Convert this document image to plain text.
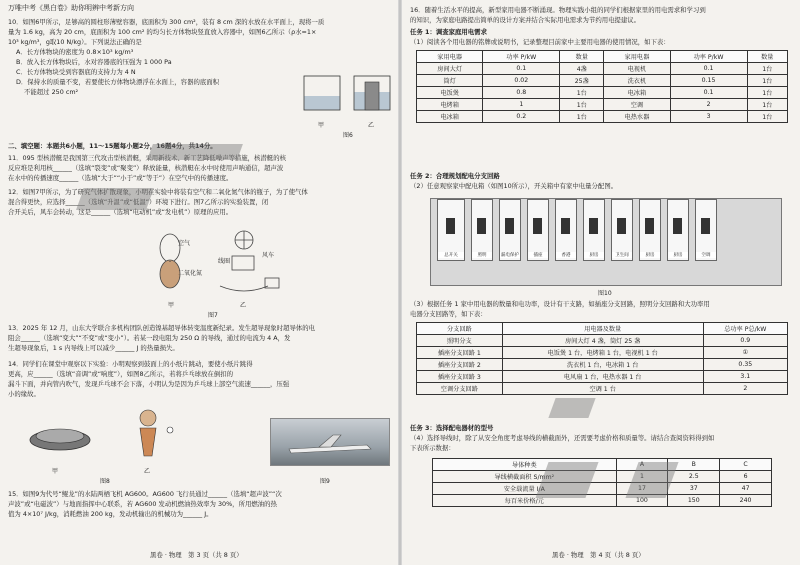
万唯中考《黑白卷》助你明辨中考新方向
10．如图6甲所示，足够高的圆柱形薄壁容器，底面积为 300 cm²，装有 8 cm 深的水放在水平面上，现将一质
量为 1.6 kg，高为 20 cm，底面积为 100 cm² 的均匀长方体物块竖直放入容器中，如图6乙所示（ρ水=1×
10³ kg/m³，g取10 N/kg）。下列说法正确的是
A．长方体物块的密度为 0.8×10³ kg/m³
B．放入长方体物块后，水对容器底的压强为 1 000 Pa
C．长方体物块受到容器底的支持力为 4 N
D．保持水的质量不变，若要使长方体物块漂浮在水面上，容器的底面积
不能超过 250 cm²
甲	乙
图6
二、填空题：本题共6小题，11～15题每小题2分，16题4分，共14分。
11．095 型核潜艇是我国第三代攻击型核潜艇，采用新技术、新工艺降低噪声等措施，核潜艇的核
反应堆是利用核______（选填“裂变”或“聚变”）释放能量，核潜艇在水中时使用声呐通信，超声波
在水中的传播速度______（选填“大于”“小于”或“等于”）在空气中的传播速度。
12．如图7甲所示，为了研究气体扩散现象，小明在实验中将装有空气和二氧化氮气体的瓶子，为了使气体
混合得更快，应选择______（选填“升温”或“低温”）环境下进行。图7乙所示的实验装置，闭
合开关后，风车会转动，这是______（选填“电动机”或“发电机”）原理的应用。
空气
二氧化氮
线圈
风车
甲	乙
图7
13．2025 年 12 月，山东大学联合多机构团队创造镍基超导体转变温度新纪录。发生超导现象时超导体的电
阻会______（选填“变大”“不变”或“变小”）。若某一段电阻为 250 Ω 的导线，通过的电流为 4 A，发
生超导现象后，1 s 内导线上可以减少______ J 的热量损失。
14．同学们在课堂中观察以下实验：小明观察到鼓面上的小纸片跳动，要使小纸片跳得
更高，应______（选填“音调”或“响度”），如图8乙所示，若将乒乓球放在倒扣的
漏斗下面，并向管内吹气，发现乒乓球不会下落，小明认为是因为乒乓球上部空气流速______，压强
小的缘故。
甲	乙
图8	图9
15．如图9为代号“鲲龙”的水陆两栖飞机 AG600。AG600 飞行员通过______（选填“超声波”“次
声波”或“电磁波”）与地面指挥中心联系，若 AG600 发动机燃油热效率为 30%，所用燃油的热
值为 4×10⁷ J/kg，消耗燃油 200 kg，发动机输出的机械功为______ J。
黑卷 · 物理　第 3 页（共 8 页）
16．随着生活水平的提高，新型家用电器不断涌现。物理实践小组的同学们根据家里的用电需求和学习到
的知识，为家庭电路提出简单的设计方案并结合实际用电需求为节约用电提建议。
任务 1：调查家庭用电需求
（1）阅读各个用电器的铭牌或说明书，记录整理目前家中主要用电器的使用情况，如下表：
家用电器	功率 P/kW	数量	家用电器	功率 P/kW	数量
房间大灯	0.1	4盏	电视机	0.1	1台
筒灯	0.02	25盏	洗衣机	0.15	1台
电饭煲	0.8	1台	电冰箱	0.1	1台
电烤箱	1	1台	空调	2	1台
电冰箱	0.2	1台	电热水器	3	1台
任务 2：合理规划配电分支回路
（2）任意观察家中配电箱（如图10所示），开关箱中有家中电量分配图。
总开关	照明	漏电保护	插座	香港	厨房	卫生间	厨房	厨房	空调
图10
（3）根据任务 1 家中用电器的数量和电功率，设计有干支路，如插座分支回路，照明分支回路和大功率用
电器分支回路等，如下表：
分支回路	用电器及数量	总功率 P总/kW
照明分支	房间大灯 4 盏，筒灯 25 盏	0.9
插座分支回路 1	电饭煲 1 台，电烤箱 1 台，电视机 1 台	①
插座分支回路 2	洗衣机 1 台，电冰箱 1 台	0.35
插座分支回路 3	电风扇 1 台，电热水器 1 台	3.1
空调分支回路	空调 1 台	2
任务 3：选择配电器材的型号
（4）选择导线时，除了从安全角度考虑导线的横截面外，还需要考虑价格和质量等。请结合查阅资料得到如
下表所示数据：
导体种类	A	B	C
导线横截面积 S/mm²	1	2.5	6
安全载流量 I/A	17	37	47
每百米价格/元	100	150	240
黑卷 · 物理　第 4 页（共 8 页）
